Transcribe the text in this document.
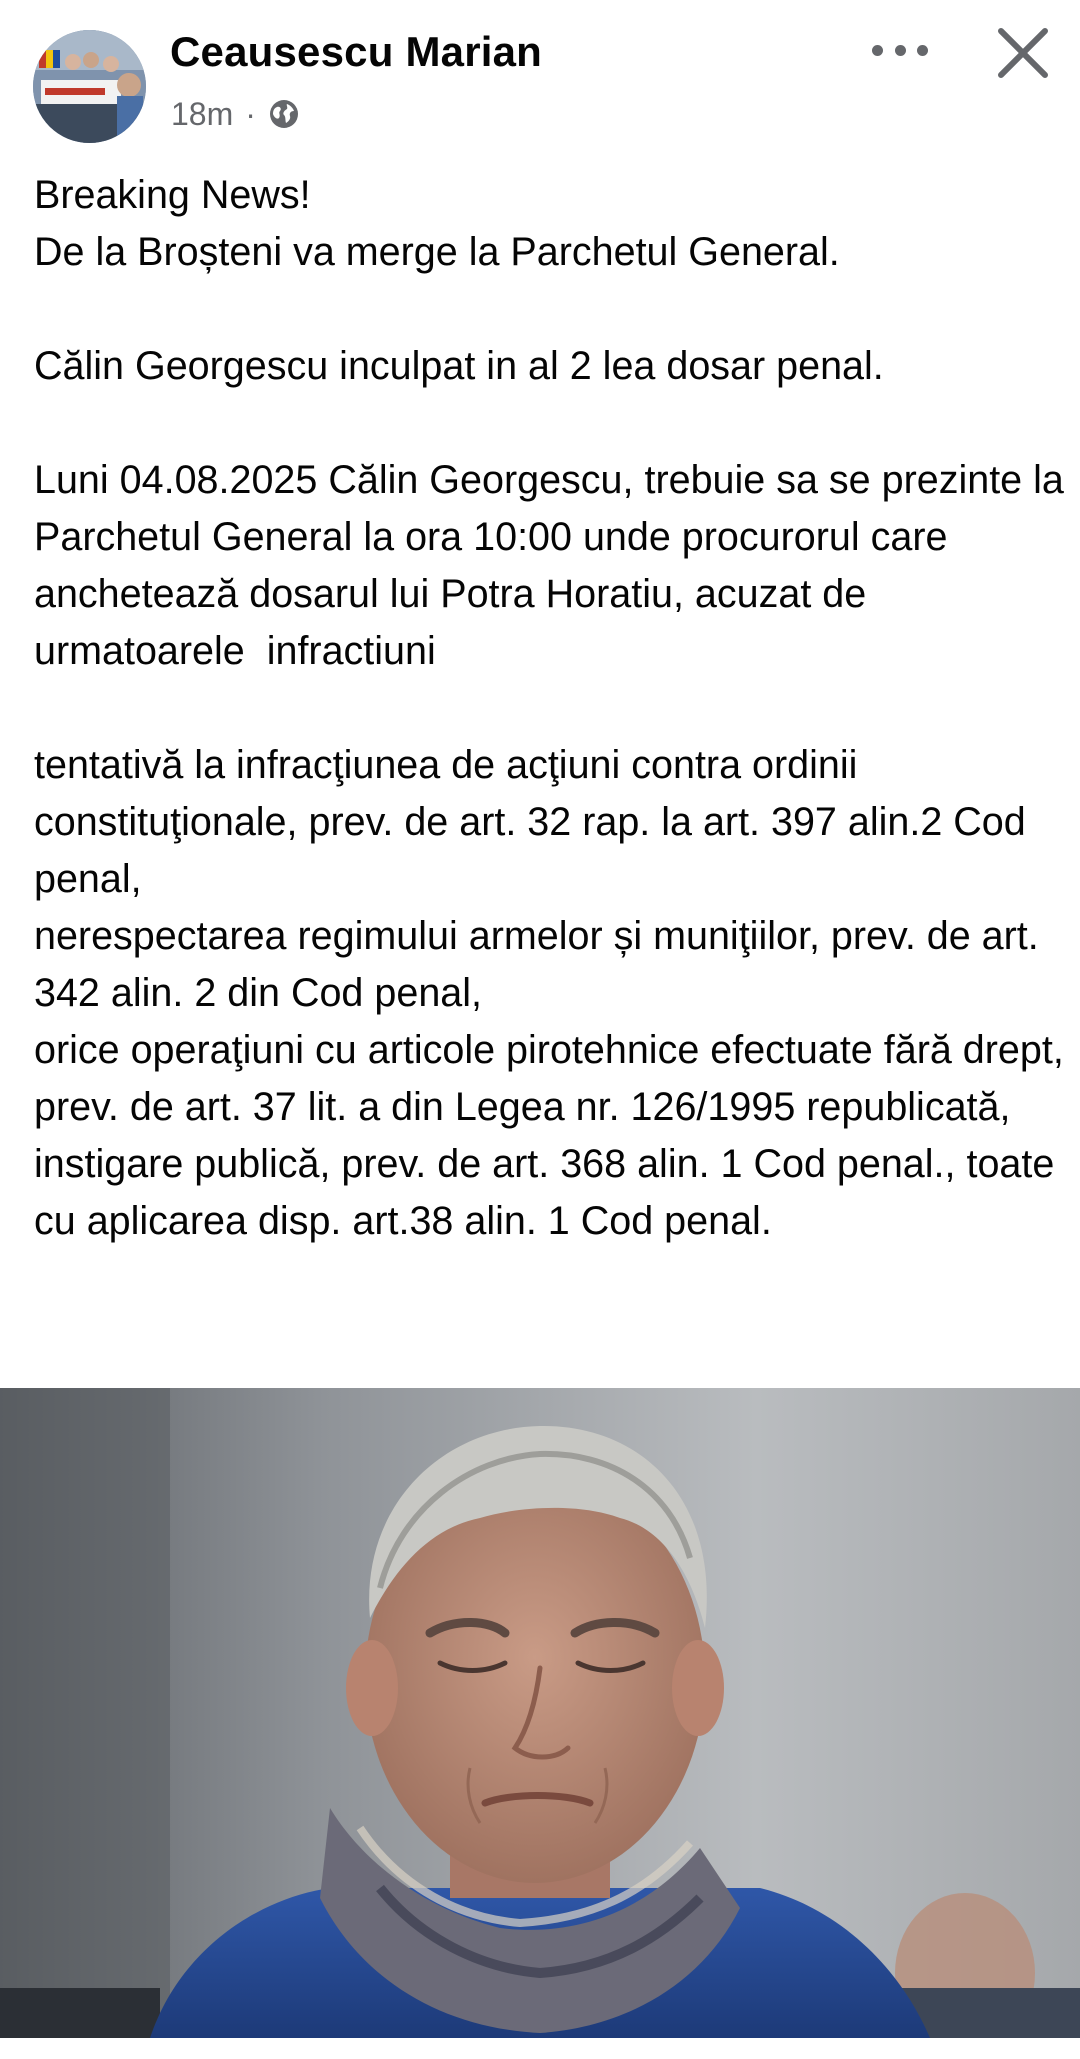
Ceausescu Marian
18m ·

Breaking News!

De la Broșteni va merge la Parchetul General.

Călin Georgescu inculpat in al 2 lea dosar penal.

Luni 04.08.2025 Călin Georgescu, trebuie sa se prezinte la Parchetul General la ora 10:00 unde procurorul care anchetează dosarul lui Potra Horatiu, acuzat de urmatoarele  infractiuni

tentativă la infracţiunea de acţiuni contra ordinii constituţionale, prev. de art. 32 rap. la art. 397 alin.2 Cod penal,

nerespectarea regimului armelor și muniţiilor, prev. de art. 342 alin. 2 din Cod penal,

orice operaţiuni cu articole pirotehnice efectuate fără drept, prev. de art. 37 lit. a din Legea nr. 126/1995 republicată,

instigare publică, prev. de art. 368 alin. 1 Cod penal., toate cu aplicarea disp. art.38 alin. 1 Cod penal.
